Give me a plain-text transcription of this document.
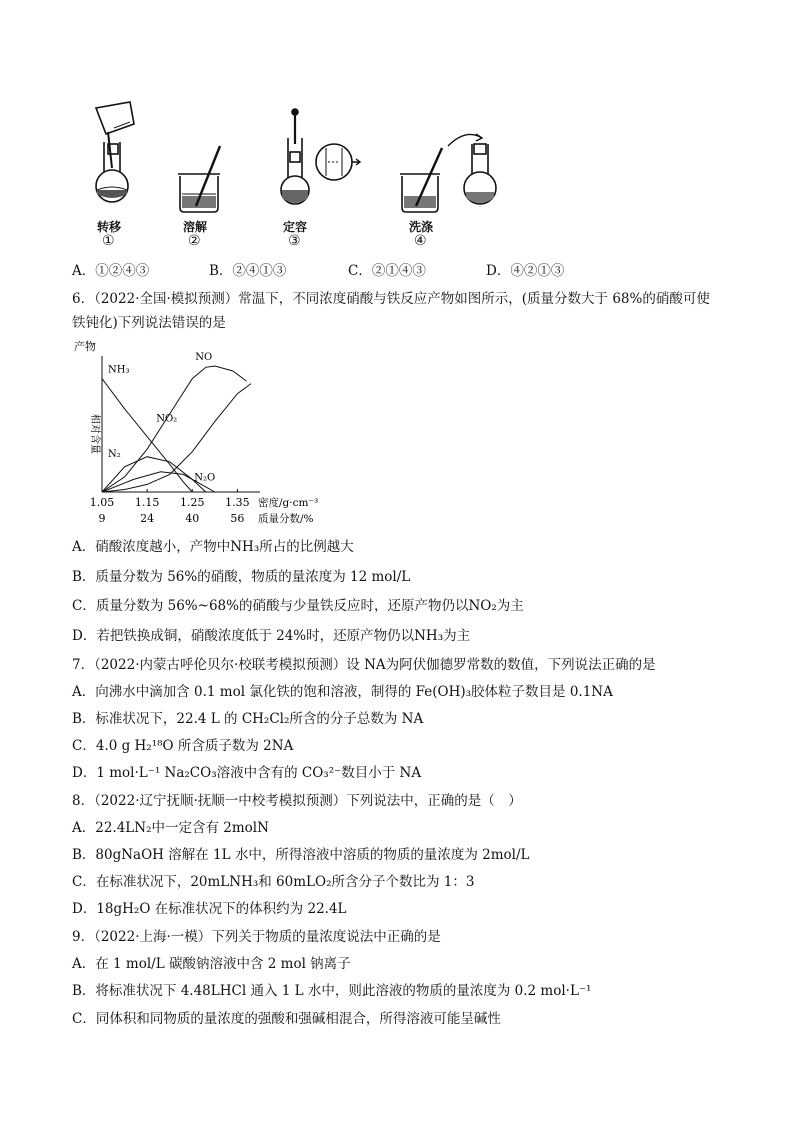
转移	溶解	定容	洗涤
①	②	③	④
A．①②④③	B．②④①③	C．②①④③	D．④②①③
6．（2022·全国·模拟预测）常温下，不同浓度硝酸与铁反应产物如图所示，(质量分数大于 68%的硝酸可使
铁钝化)下列说法错误的是
产物
相对含量
NH₃
NO
NO₂
N₂
N₂O
1.05
9
1.15
24
1.25
40
1.35
56
密度/g·cm⁻³
质量分数/%
A．硝酸浓度越小，产物中NH₃所占的比例越大
B．质量分数为 56%的硝酸，物质的量浓度为 12 mol/L
C．质量分数为 56%~68%的硝酸与少量铁反应时，还原产物仍以NO₂为主
D．若把铁换成铜，硝酸浓度低于 24%时，还原产物仍以NH₃为主
7．（2022·内蒙古呼伦贝尔·校联考模拟预测）设 NA为阿伏伽德罗常数的数值，下列说法正确的是
A．向沸水中滴加含 0.1 mol 氯化铁的饱和溶液，制得的 Fe(OH)₃胶体粒子数目是 0.1NA
B．标准状况下，22.4 L 的 CH₂Cl₂所含的分子总数为 NA
C．4.0 g H₂¹⁸O 所含质子数为 2NA
D．1 mol·L⁻¹ Na₂CO₃溶液中含有的 CO₃²⁻数目小于 NA
8．（2022·辽宁抚顺·抚顺一中校考模拟预测）下列说法中，正确的是（　）
A．22.4LN₂中一定含有 2molN
B．80gNaOH 溶解在 1L 水中，所得溶液中溶质的物质的量浓度为 2mol/L
C．在标准状况下，20mLNH₃和 60mLO₂所含分子个数比为 1：3
D．18gH₂O 在标准状况下的体积约为 22.4L
9．（2022·上海·一模）下列关于物质的量浓度说法中正确的是
A．在 1 mol/L 碳酸钠溶液中含 2 mol 钠离子
B．将标准状况下 4.48LHCl 通入 1 L 水中，则此溶液的物质的量浓度为 0.2 mol·L⁻¹
C．同体积和同物质的量浓度的强酸和强碱相混合，所得溶液可能呈碱性
